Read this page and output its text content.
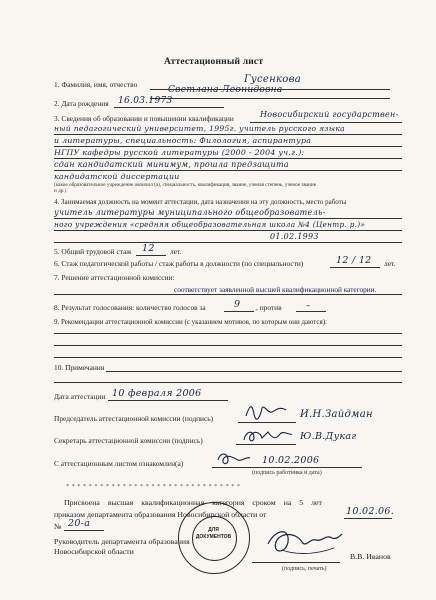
Аттестационный лист
1. Фамилия, имя, отчество	Гусенкова
Светлана Леонидовна
2. Дата рождения 16.03.1973
3. Сведения об образовании и повышении квалификации	Новосибирский государствен-
ный педагогический университет, 1995г. учитель русского языка
и литературы, специальность: Филология, аспирантура
НГПУ кафедры русской литературы (2000 - 2004 уч.г.):
сдан кандидатский минимум, прошла предзащита
кандидатской диссертации
(какое образовательное учреждение окончил (а), специальность, квалификация, звание, ученая степень, ученое звание
и др.)
4. Занимаемая должность на момент аттестации, дата назначения на эту должность, место работы
учитель литературы муниципального общеобразователь-
ного учреждения «средняя общеобразовательная школа №4 (Центр. р.)»
01.02.1993
5. Общий трудовой стаж 12 лет.
6. Стаж педагогической работы / стаж работы в должности (по специальности)	12 / 12 лет.
7. Решение аттестационной комиссии:
соответствует заявленной высшей квалификационной категории.
8. Результат голосования: количество голосов за	9 , против	–
9. Рекомендации аттестационной комиссии (с указанием мотивов, по которым они даются):
10. Примечания
Дата аттестации 10 февраля 2006
Председатель аттестационной комиссии (подпись)	И.Н.Зайдман
Секретарь аттестационной комиссии (подпись)	Ю.В.Дукаг
С аттестационным листом ознакомлен(а)	10.02.2006
(подпись работника и дата)
* * * * * * * * * * * * * * * * * * * * * * * * * * * * * * *
Присвоена высшая квалификационная категория сроком на 5 лет
приказом департамента образования Новосибирской области от	10.02.06.
№ 20-а
Руководитель департамента образования
Новосибирской области
ДЛЯ
ДОКУМЕНТОВ
(подпись, печать)
В.В. Иванов
